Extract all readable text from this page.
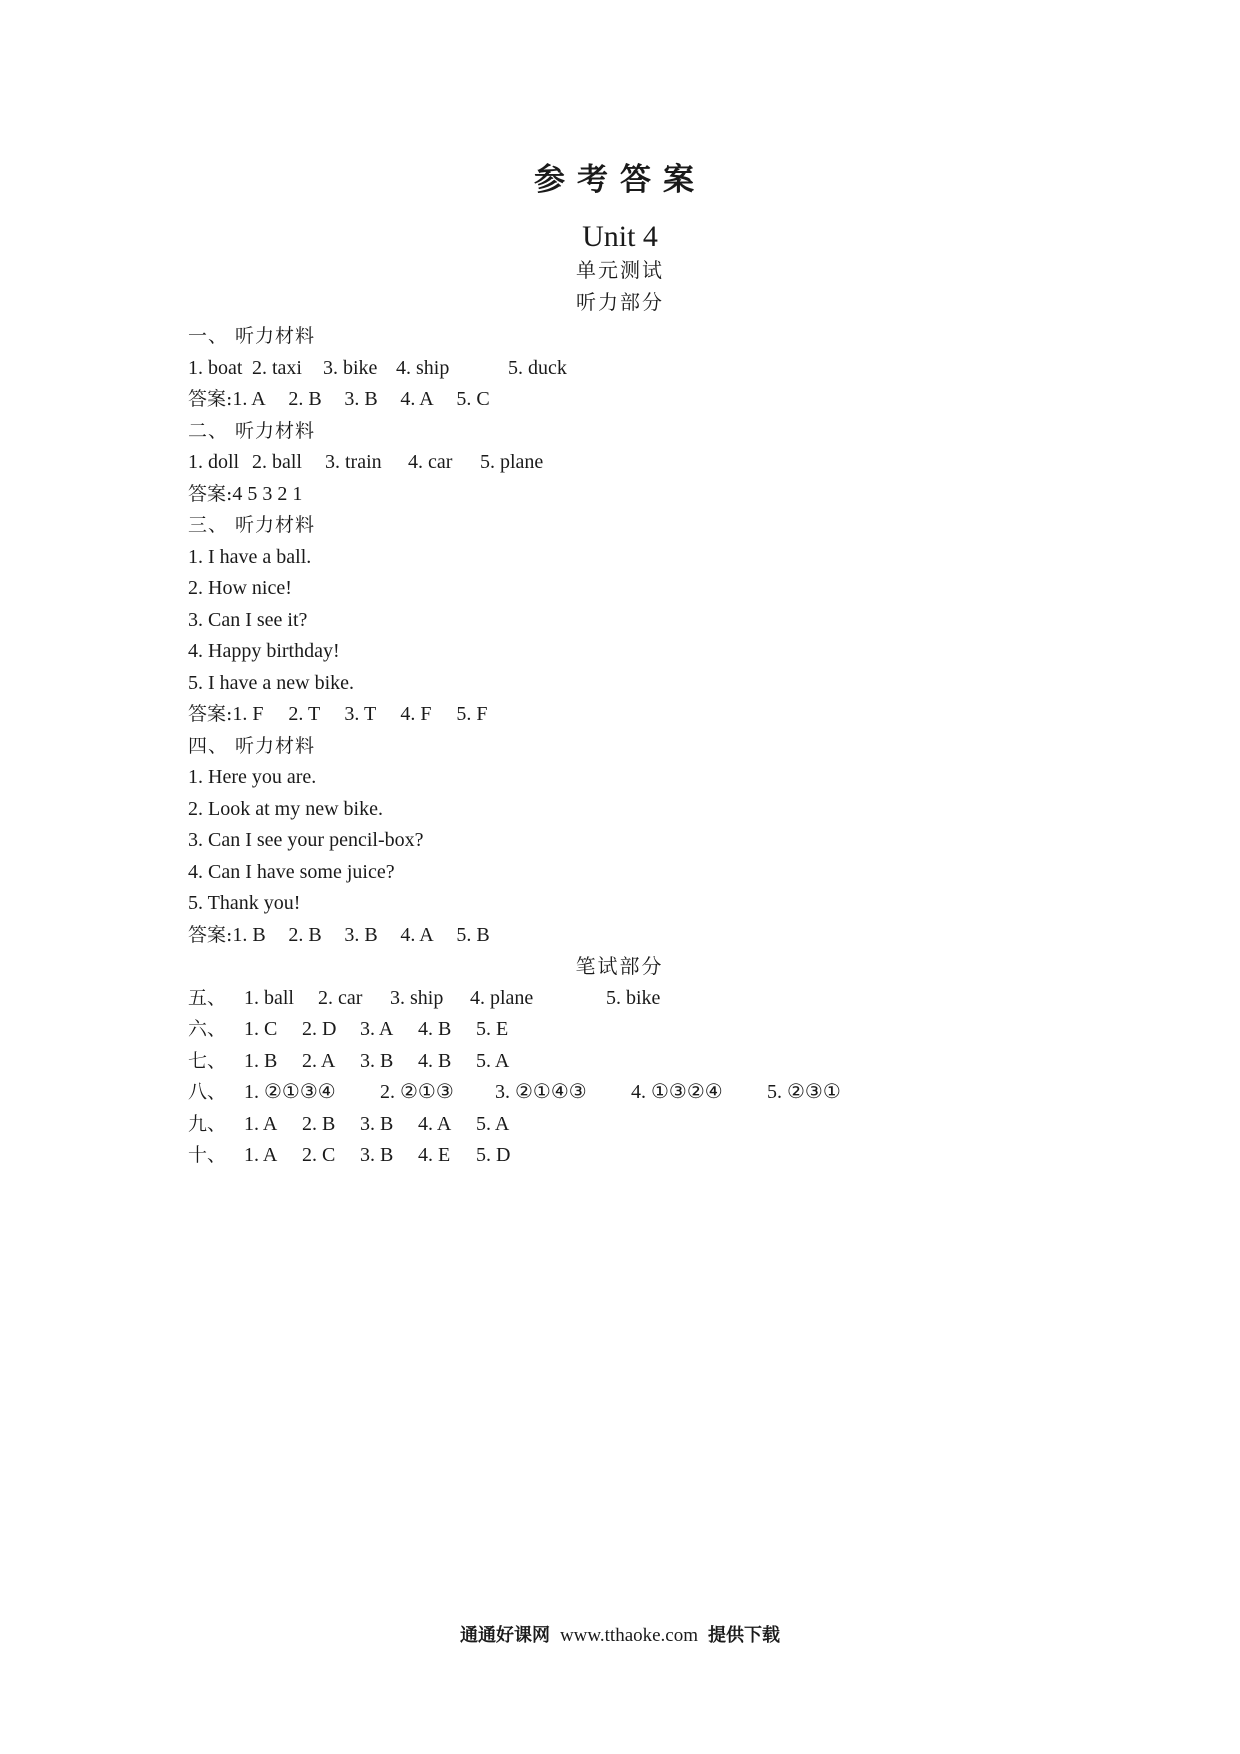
参考答案
Unit 4
单元测试
听力部分
一、 听力材料
1. boat 2. taxi 3. bike 4. ship	5. duck
答案:1. A 2. B 3. B 4. A 5. C
二、 听力材料
1. doll 2. ball 3. train 4. car 5. plane
答案:4 5 3 2 1
三、 听力材料
1. I have a ball.
2. How nice!
3. Can I see it?
4. Happy birthday!
5. I have a new bike.
答案:1. F 2. T 3. T 4. F 5. F
四、 听力材料
1. Here you are.
2. Look at my new bike.
3. Can I see your pencil-box?
4. Can I have some juice?
5. Thank you!
答案:1. B 2. B 3. B 4. A 5. B
笔试部分
五、 1. ball 2. car 3. ship 4. plane	5. bike
六、 1. C 2. D 3. A 4. B 5. E
七、 1. B 2. A 3. B 4. B 5. A
八、 1. ②①③④ 2. ②①③ 3. ②①④③ 4. ①③②④ 5. ②③①
九、 1. A 2. B 3. B 4. A 5. A
十、 1. A 2. C 3. B 4. E 5. D
通通好课网 www.tthaoke.com 提供下载
